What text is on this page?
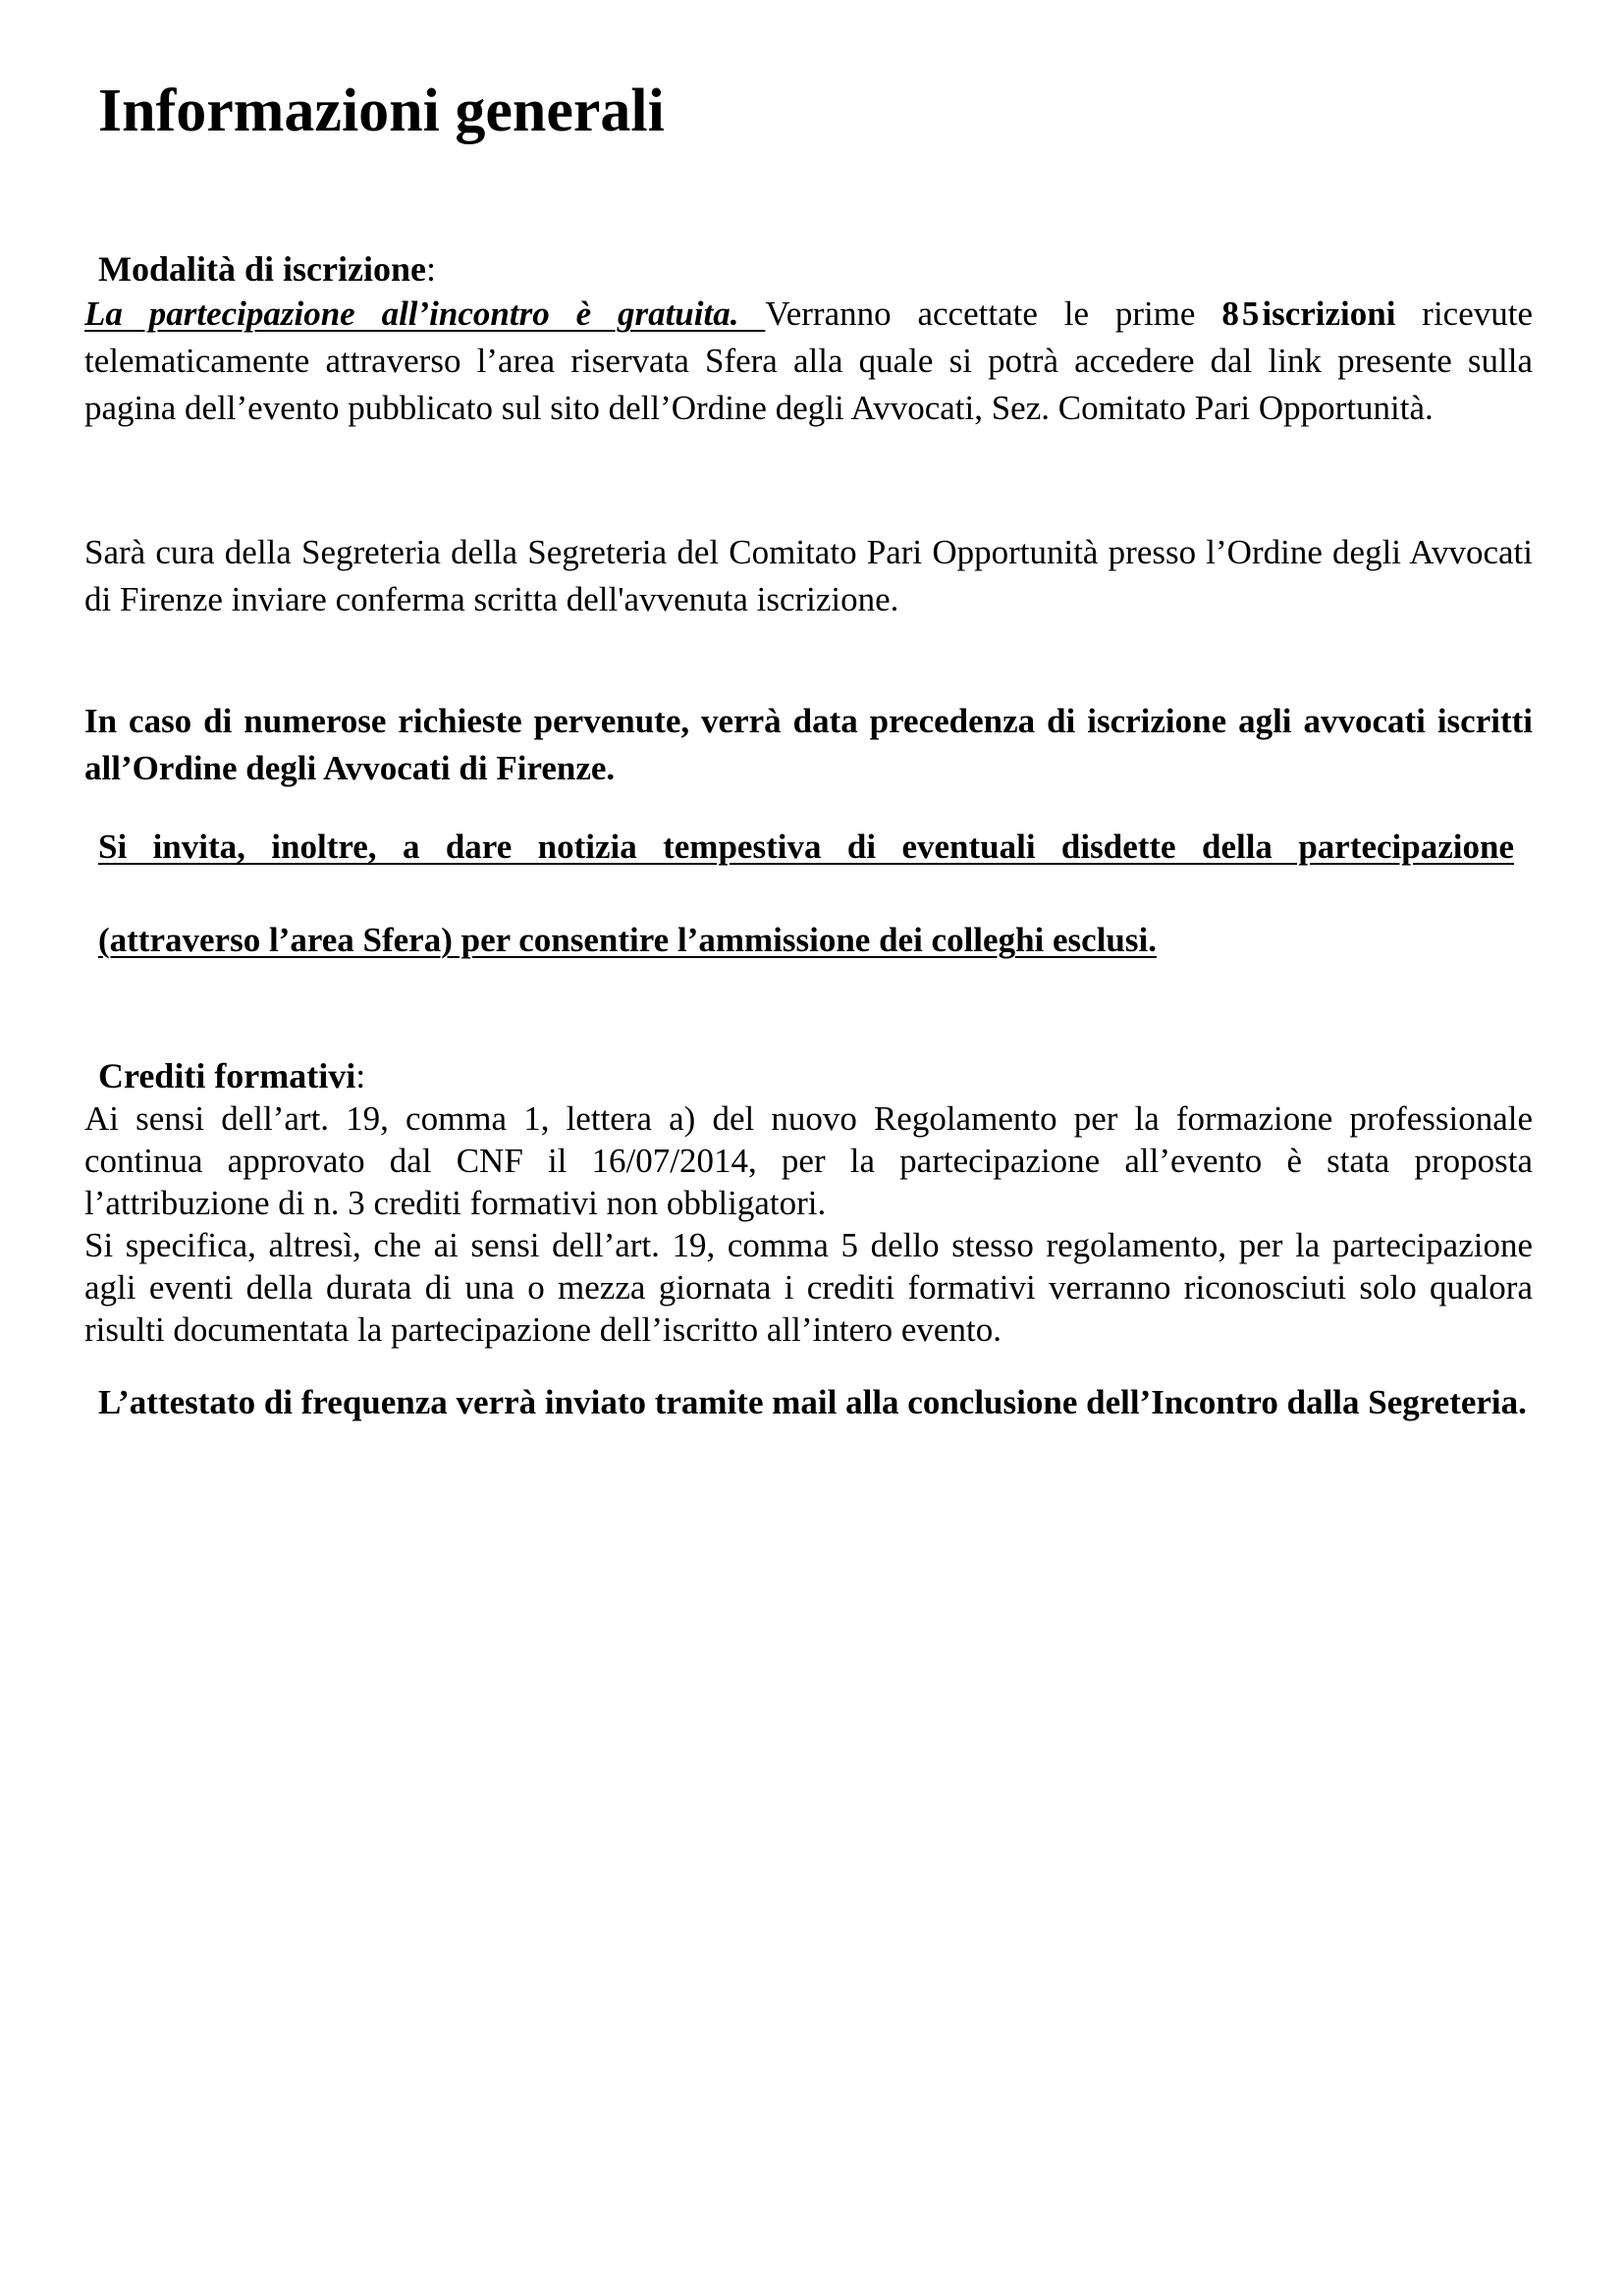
Informazioni generali

Modalità di iscrizione:

La partecipazione all’incontro è gratuita. Verranno accettate le prime 85iscrizioni ricevute telematicamente attraverso l’area riservata Sfera alla quale si potrà accedere dal link presente sulla pagina dell’evento pubblicato sul sito dell’Ordine degli Avvocati, Sez. Comitato Pari Opportunità.

Sarà cura della Segreteria della Segreteria del Comitato Pari Opportunità presso l’Ordine degli Avvocati di Firenze inviare conferma scritta dell'avvenuta iscrizione.

In caso di numerose richieste pervenute, verrà data precedenza di iscrizione agli avvocati iscritti all’Ordine degli Avvocati di Firenze.

Si invita, inoltre, a dare notizia tempestiva di eventuali disdette della partecipazione

(attraverso l’area Sfera) per consentire l’ammissione dei colleghi esclusi.

Crediti formativi:

Ai sensi dell’art. 19, comma 1, lettera a) del nuovo Regolamento per la formazione professionale continua approvato dal CNF il 16/07/2014, per la partecipazione all’evento è stata proposta l’attribuzione di n. 3 crediti formativi non obbligatori.

Si specifica, altresì, che ai sensi dell’art. 19, comma 5 dello stesso regolamento, per la partecipazione agli eventi della durata di una o mezza giornata i crediti formativi verranno riconosciuti solo qualora risulti documentata la partecipazione dell’iscritto all’intero evento.

L’attestato di frequenza verrà inviato tramite mail alla conclusione dell’Incontro dalla Segreteria.
